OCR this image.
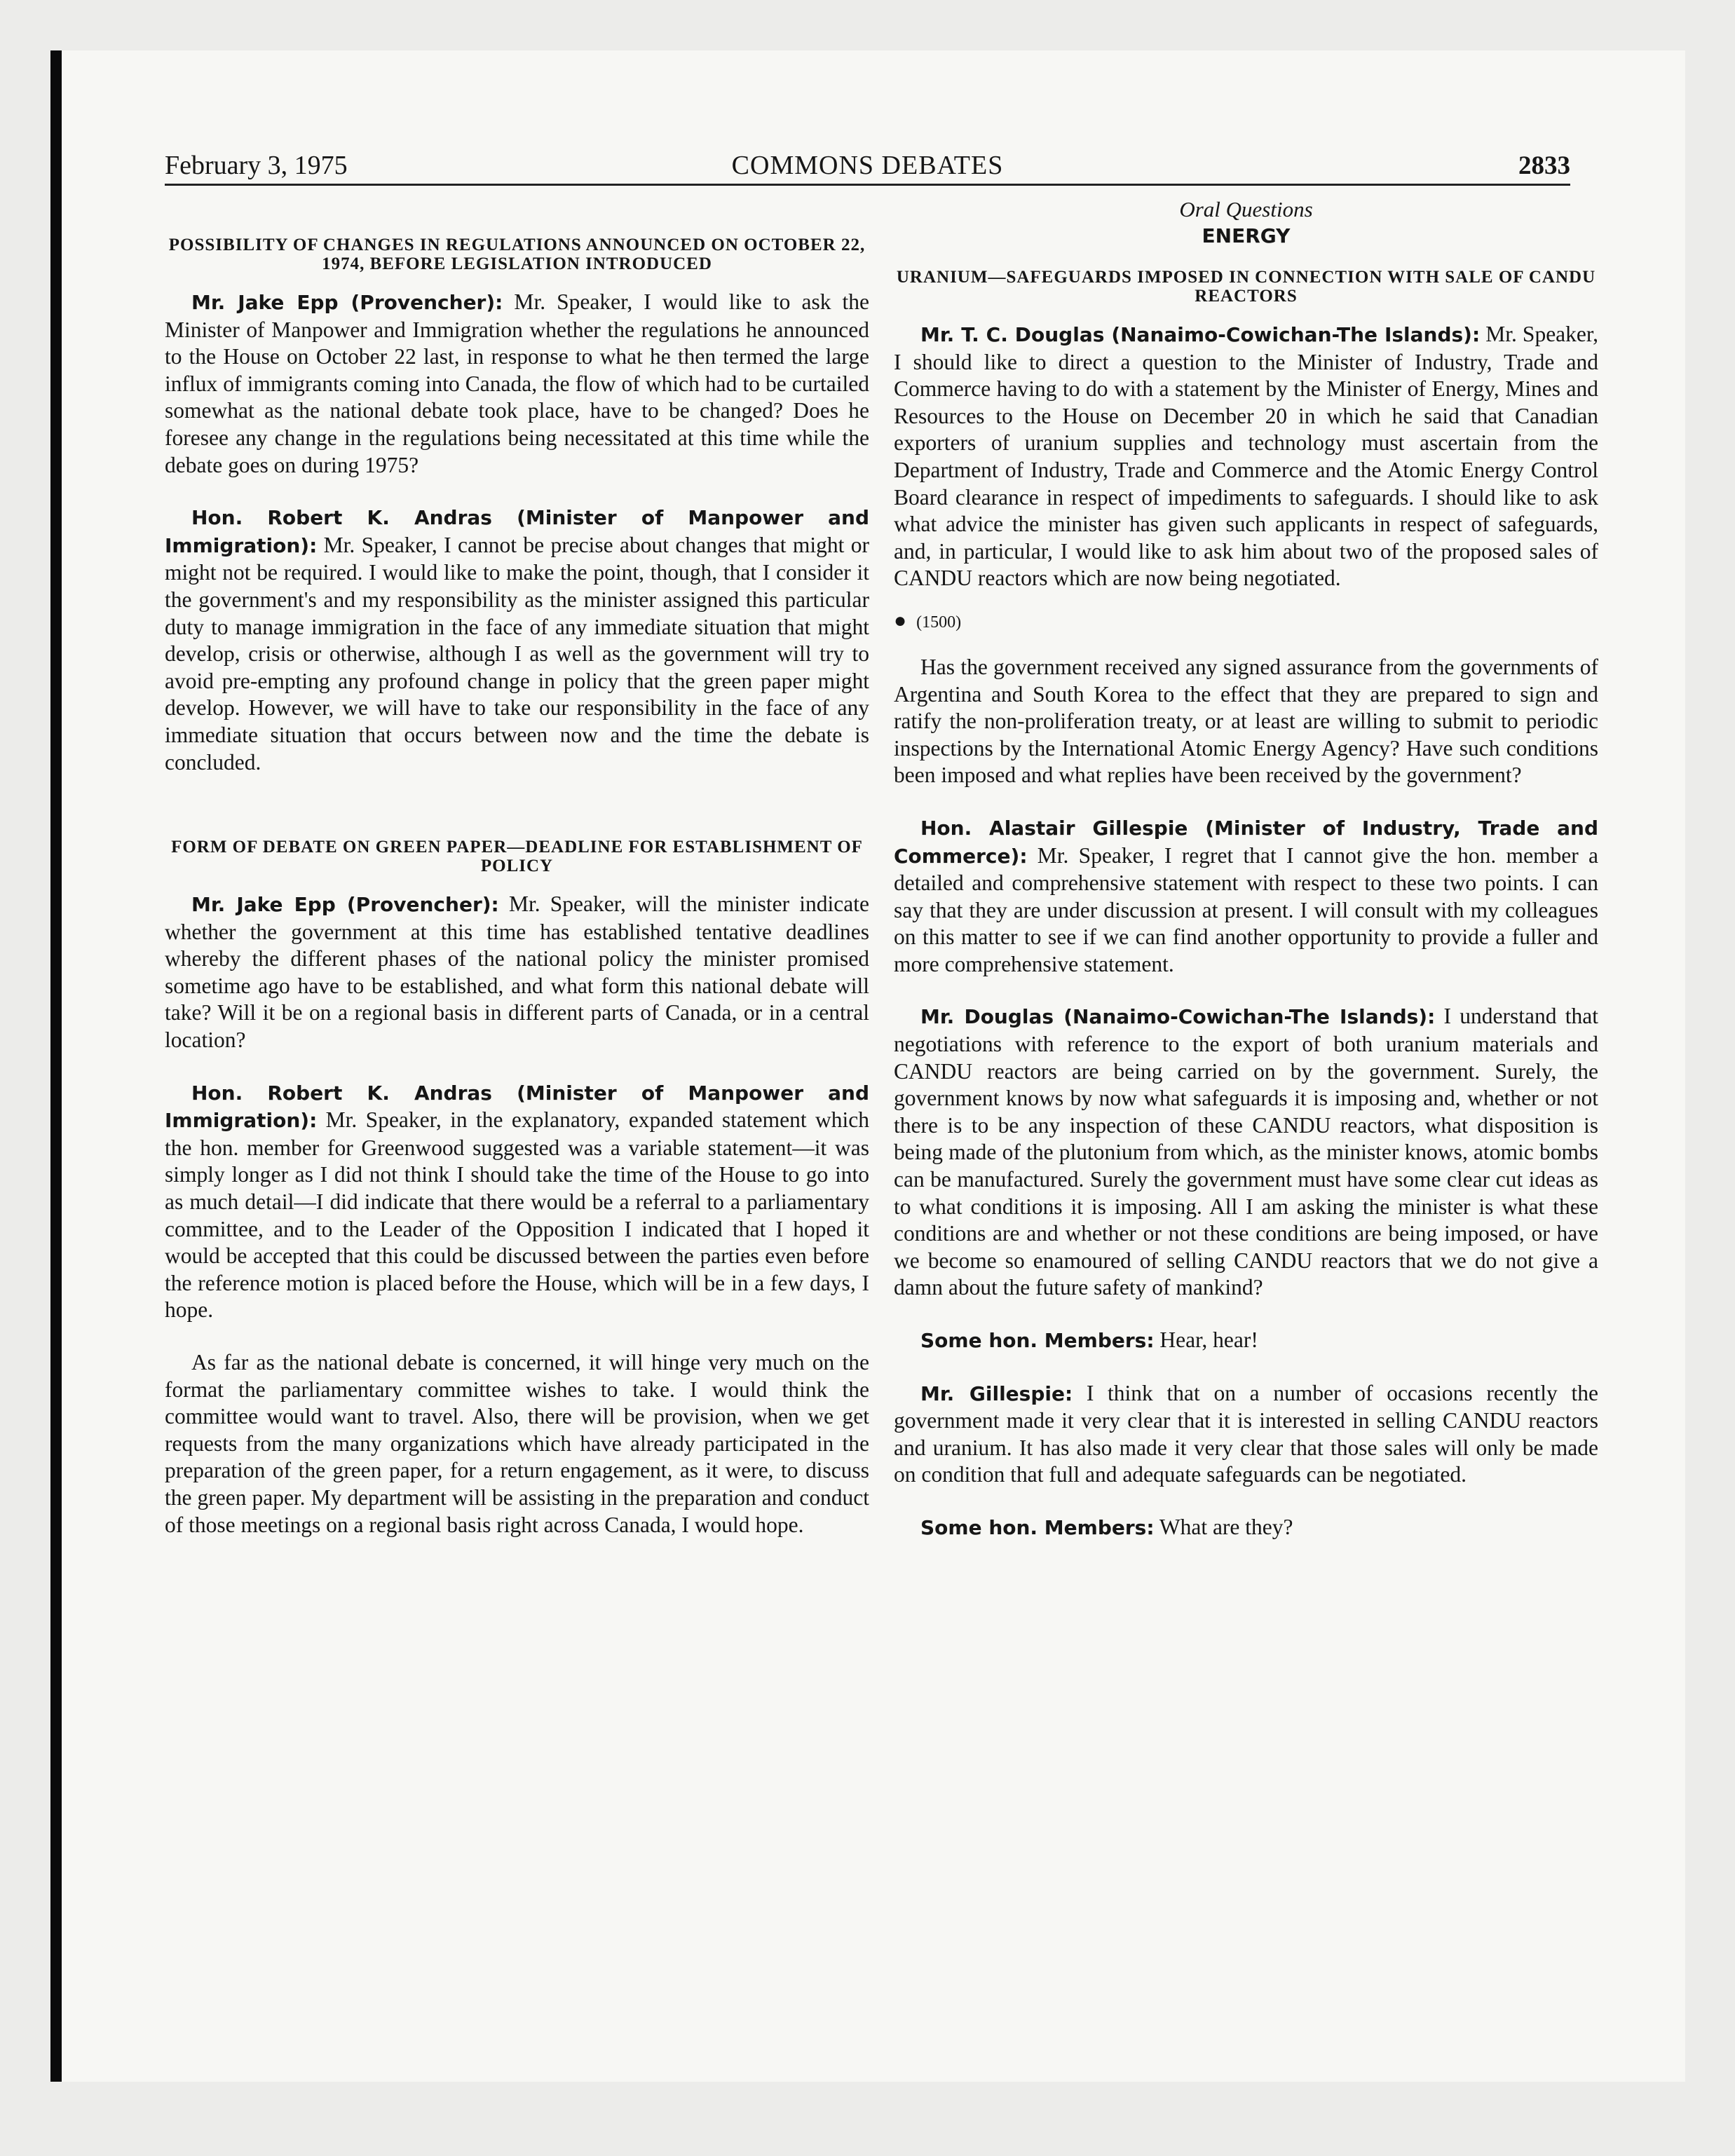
February 3, 1975	COMMONS DEBATES	2833
POSSIBILITY OF CHANGES IN REGULATIONS ANNOUNCED ON OCTOBER 22, 1974, BEFORE LEGISLATION INTRODUCED

Mr. Jake Epp (Provencher): Mr. Speaker, I would like to ask the Minister of Manpower and Immigration whether the regulations he announced to the House on October 22 last, in response to what he then termed the large influx of immigrants coming into Canada, the flow of which had to be curtailed somewhat as the national debate took place, have to be changed? Does he foresee any change in the regulations being necessitated at this time while the debate goes on during 1975?

Hon. Robert K. Andras (Minister of Manpower and Immigration): Mr. Speaker, I cannot be precise about changes that might or might not be required. I would like to make the point, though, that I consider it the government's and my responsibility as the minister assigned this particular duty to manage immigration in the face of any immediate situation that might develop, crisis or otherwise, although I as well as the government will try to avoid pre-empting any profound change in policy that the green paper might develop. However, we will have to take our responsibility in the face of any immediate situation that occurs between now and the time the debate is concluded.

FORM OF DEBATE ON GREEN PAPER—DEADLINE FOR ESTABLISHMENT OF POLICY

Mr. Jake Epp (Provencher): Mr. Speaker, will the minister indicate whether the government at this time has established tentative deadlines whereby the different phases of the national policy the minister promised sometime ago have to be established, and what form this national debate will take? Will it be on a regional basis in different parts of Canada, or in a central location?

Hon. Robert K. Andras (Minister of Manpower and Immigration): Mr. Speaker, in the explanatory, expanded statement which the hon. member for Greenwood suggested was a variable statement—it was simply longer as I did not think I should take the time of the House to go into as much detail—I did indicate that there would be a referral to a parliamentary committee, and to the Leader of the Opposition I indicated that I hoped it would be accepted that this could be discussed between the parties even before the reference motion is placed before the House, which will be in a few days, I hope.

As far as the national debate is concerned, it will hinge very much on the format the parliamentary committee wishes to take. I would think the committee would want to travel. Also, there will be provision, when we get requests from the many organizations which have already participated in the preparation of the green paper, for a return engagement, as it were, to discuss the green paper. My department will be assisting in the preparation and conduct of those meetings on a regional basis right across Canada, I would hope.

Oral Questions

ENERGY
URANIUM—SAFEGUARDS IMPOSED IN CONNECTION WITH SALE OF CANDU REACTORS

Mr. T. C. Douglas (Nanaimo-Cowichan-The Islands): Mr. Speaker, I should like to direct a question to the Minister of Industry, Trade and Commerce having to do with a statement by the Minister of Energy, Mines and Resources to the House on December 20 in which he said that Canadian exporters of uranium supplies and technology must ascertain from the Department of Industry, Trade and Commerce and the Atomic Energy Control Board clearance in respect of impediments to safeguards. I should like to ask what advice the minister has given such applicants in respect of safeguards, and, in particular, I would like to ask him about two of the proposed sales of CANDU reactors which are now being negotiated.

● (1500)

Has the government received any signed assurance from the governments of Argentina and South Korea to the effect that they are prepared to sign and ratify the non-proliferation treaty, or at least are willing to submit to periodic inspections by the International Atomic Energy Agency? Have such conditions been imposed and what replies have been received by the government?

Hon. Alastair Gillespie (Minister of Industry, Trade and Commerce): Mr. Speaker, I regret that I cannot give the hon. member a detailed and comprehensive statement with respect to these two points. I can say that they are under discussion at present. I will consult with my colleagues on this matter to see if we can find another opportunity to provide a fuller and more comprehensive statement.

Mr. Douglas (Nanaimo-Cowichan-The Islands): I understand that negotiations with reference to the export of both uranium materials and CANDU reactors are being carried on by the government. Surely, the government knows by now what safeguards it is imposing and, whether or not there is to be any inspection of these CANDU reactors, what disposition is being made of the plutonium from which, as the minister knows, atomic bombs can be manufactured. Surely the government must have some clear cut ideas as to what conditions it is imposing. All I am asking the minister is what these conditions are and whether or not these conditions are being imposed, or have we become so enamoured of selling CANDU reactors that we do not give a damn about the future safety of mankind?

Some hon. Members: Hear, hear!

Mr. Gillespie: I think that on a number of occasions recently the government made it very clear that it is interested in selling CANDU reactors and uranium. It has also made it very clear that those sales will only be made on condition that full and adequate safeguards can be negotiated.

Some hon. Members: What are they?
